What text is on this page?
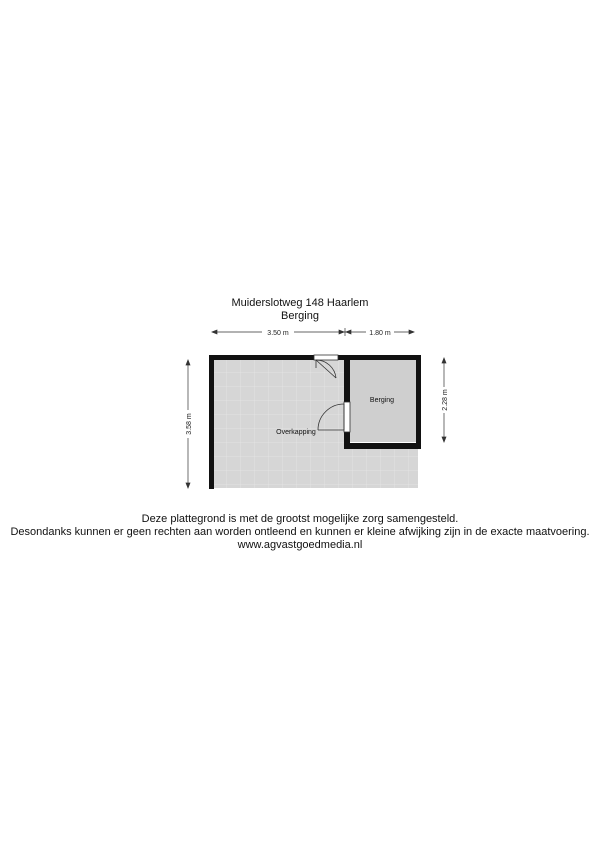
Muiderslotweg 148 Haarlem
Berging
3.50 m	1.80 m
3.58 m
2.28 m
Overkapping
Berging
Deze plattegrond is met de grootst mogelijke zorg samengesteld.
Desondanks kunnen er geen rechten aan worden ontleend en kunnen er kleine afwijking zijn in de exacte maatvoering.
www.agvastgoedmedia.nl
